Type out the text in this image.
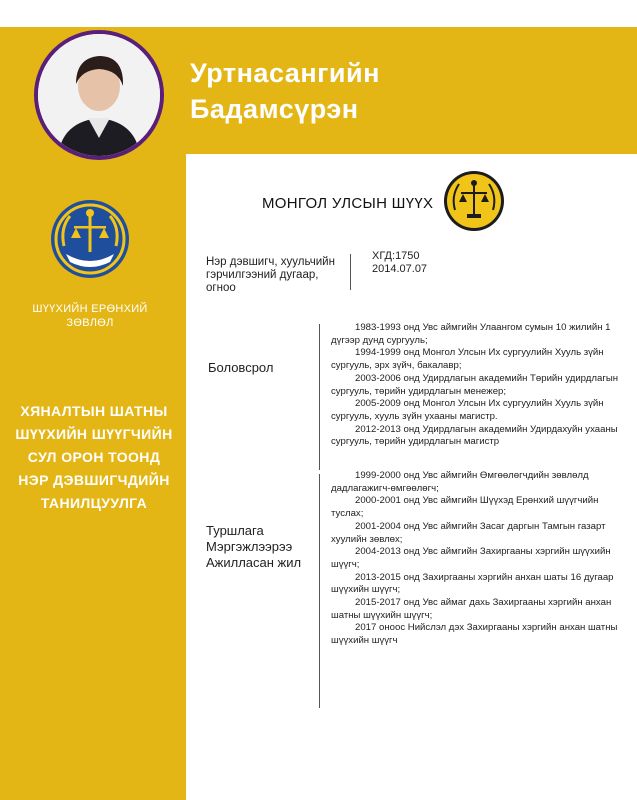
Уртнасангийн
Бадамсүрэн
МОНГОЛ УЛСЫН ШҮҮХ
ШҮҮХИЙН ЕРӨНХИЙ ЗӨВЛӨЛ
ХЯНАЛТЫН ШАТНЫ ШҮҮХИЙН ШҮҮГЧИЙН СУЛ ОРОН ТООНД НЭР ДЭВШИГЧДИЙН ТАНИЛЦУУЛГА
Нэр дэвшигч, хуульчийн гэрчилгээний дугаар, огноо
ХГД:1750
2014.07.07
Боловсрол
1983-1993 онд Увс аймгийн Улаангом сумын 10 жилийн 1 дүгээр дунд сургууль;
1994-1999 онд Монгол Улсын Их сургуулийн Хууль зүйн сургууль, эрх зүйч, бакалавр;
2003-2006 онд Удирдлагын академийн Төрийн удирдлагын сургууль, төрийн удирдлагын менежер;
2005-2009 онд Монгол Улсын Их сургуулийн Хууль зүйн сургууль, хууль зүйн ухааны магистр.
2012-2013 онд Удирдлагын академийн Удирдахуйн ухааны сургууль, төрийн удирдлагын магистр
Туршлага Мэргэжлээрээ Ажилласан жил
1999-2000 онд Увс аймгийн Өмгөөлөгчдийн зөвлөлд дадлагажигч-өмгөөлөгч;
2000-2001 онд Увс аймгийн Шүүхэд Ерөнхий шүүгчийн туслах;
2001-2004 онд Увс аймгийн Засаг даргын Тамгын газарт хуулийн зөвлөх;
2004-2013 онд Увс аймгийн Захиргааны хэргийн шүүхийн шүүгч;
2013-2015 онд Захиргааны хэргийн анхан шаты 16 дугаар шүүхийн шүүгч;
2015-2017 онд Увс аймаг дахь Захиргааны хэргийн анхан шатны шүүхийн шүүгч;
2017 оноос Нийслэл дэх Захиргааны хэргийн анхан шатны шүүхийн шүүгч
